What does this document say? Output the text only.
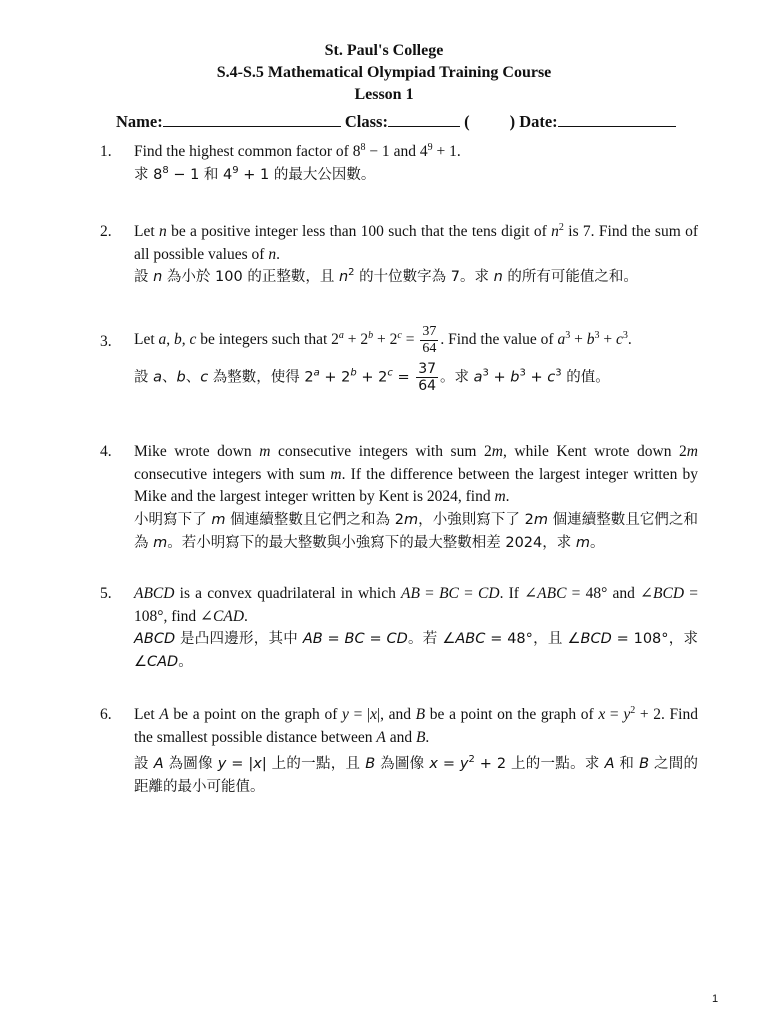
St. Paul's College
S.4-S.5 Mathematical Olympiad Training Course
Lesson 1
Name:	Class:	( ) Date:
1. Find the highest common factor of $8^8 - 1$ and $4^9 + 1$.
求 $8^8 - 1$ 和 $4^9 + 1$ 的最大公因數。
2. Let n be a positive integer less than 100 such that the tens digit of $n^2$ is 7. Find the sum of all possible values of n.
設 n 為小於 100 的正整數，且 $n^2$ 的十位數字為 7。求 n 的所有可能值之和。
3. Let a, b, c be integers such that $2^a + 2^b + 2^c = \frac{37}{64}$ . Find the value of $a^3 + b^3 + c^3$.
設 a、b、c 為整數，使得 $2^a + 2^b + 2^c = \frac{37}{64}$ 。求 $a^3 + b^3 + c^3$ 的值。
4. Mike wrote down m consecutive integers with sum 2m, while Kent wrote down 2m consecutive integers with sum m. If the difference between the largest integer written by Mike and the largest integer written by Kent is 2024, find m.
小明寫下了 m 個連續整數且它們之和為 2m，小強則寫下了 2m 個連續整數且它們之和為 m。若小明寫下的最大整數與小強寫下的最大整數相差 2024，求 m。
5. ABCD is a convex quadrilateral in which AB = BC = CD. If ∠ABC = 48° and ∠BCD = 108°, find ∠CAD.
ABCD 是凸四邊形，其中 AB = BC = CD。若 ∠ABC = 48°，且 ∠BCD = 108°，求 ∠CAD。
6. Let A be a point on the graph of y = |x|, and B be a point on the graph of $x = y^2 + 2$. Find the smallest possible distance between A and B.
設 A 為圖像 y = |x| 上的一點，且 B 為圖像 $x = y^2 + 2$ 上的一點。求 A 和 B 之間的距離的最小可能值。
1
